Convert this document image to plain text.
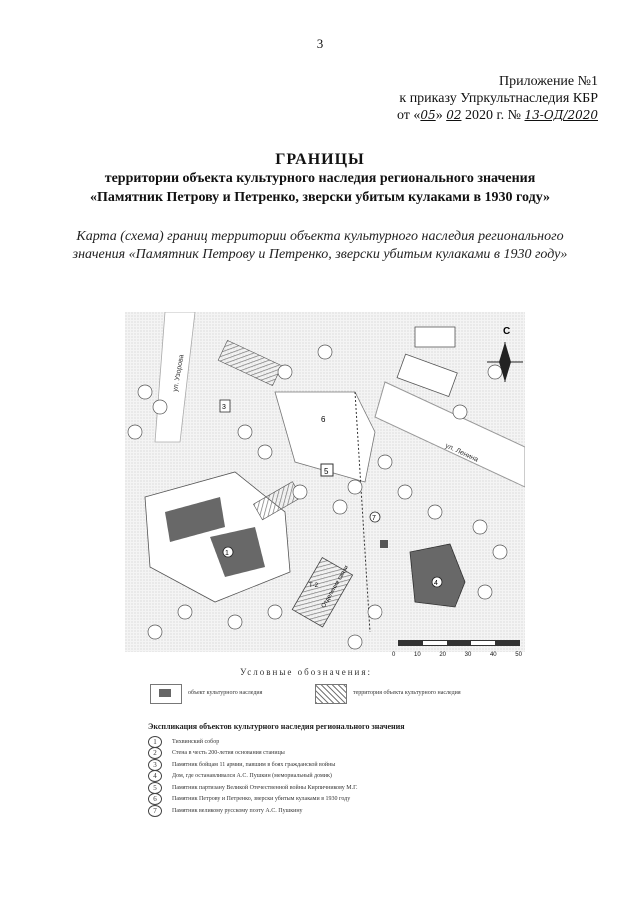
3
Приложение №1
к приказу Упркультнаследия КБР
от «05» 02 2020 г. № 13-ОД/2020
ГРАНИЦЫ
территории объекта культурного наследия регионального значения
«Памятник Петрову и Петренко, зверски убитым кулаками в 1930 году»
Карта (схема) границ территории объекта культурного наследия регионального значения «Памятник Петрову и Петренко, зверски убитым кулаками в 1930 году»
ул. Ленина
ул. Узорова
5
6
7
3
1
Отделение связи
Т-2	4
С
0	10	20	30	40	50
Условные обозначения:
объект культурного наследия	территория объекта культурного наследия
Экспликация объектов культурного наследия регионального значения
1	Тихвинский собор
2	Стена в честь 200-летия основания станицы
3	Памятник бойцам 11 армии, павшим в боях гражданской войны
4	Дом, где останавливался А.С. Пушкин (мемориальный домик)
5	Памятник партизану Великой Отечественной войны Кирпичникову М.Г.
6	Памятник Петрову и Петренко, зверски убитым кулаками в 1930 году
7	Памятник великому русскому поэту А.С. Пушкину
